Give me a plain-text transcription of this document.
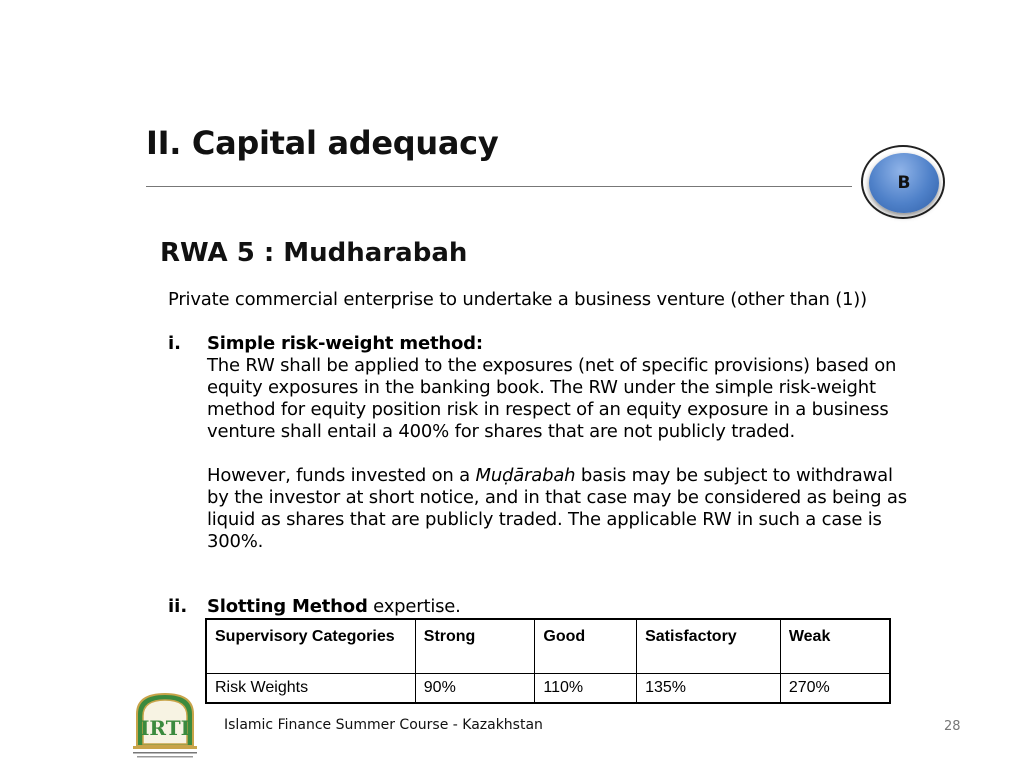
II. Capital adequacy
B
RWA 5 : Mudharabah
Private commercial enterprise to undertake a business venture (other than (1))
i. Simple risk-weight method:
The RW shall be applied to the exposures (net of specific provisions) based on equity exposures in the banking book. The RW under the simple risk-weight method for equity position risk in respect of an equity exposure in a business venture shall entail a 400% for shares that are not publicly traded.

However, funds invested on a Muḍārabah basis may be subject to withdrawal by the investor at short notice, and in that case may be considered as being as liquid as shares that are publicly traded. The applicable RW in such a case is 300%.

ii. Slotting Method expertise.
Supervisory Categories	Strong	Good	Satisfactory	Weak
Risk Weights	90%	110%	135%	270%
IRTI Islamic Finance Summer Course - Kazakhstan	28
